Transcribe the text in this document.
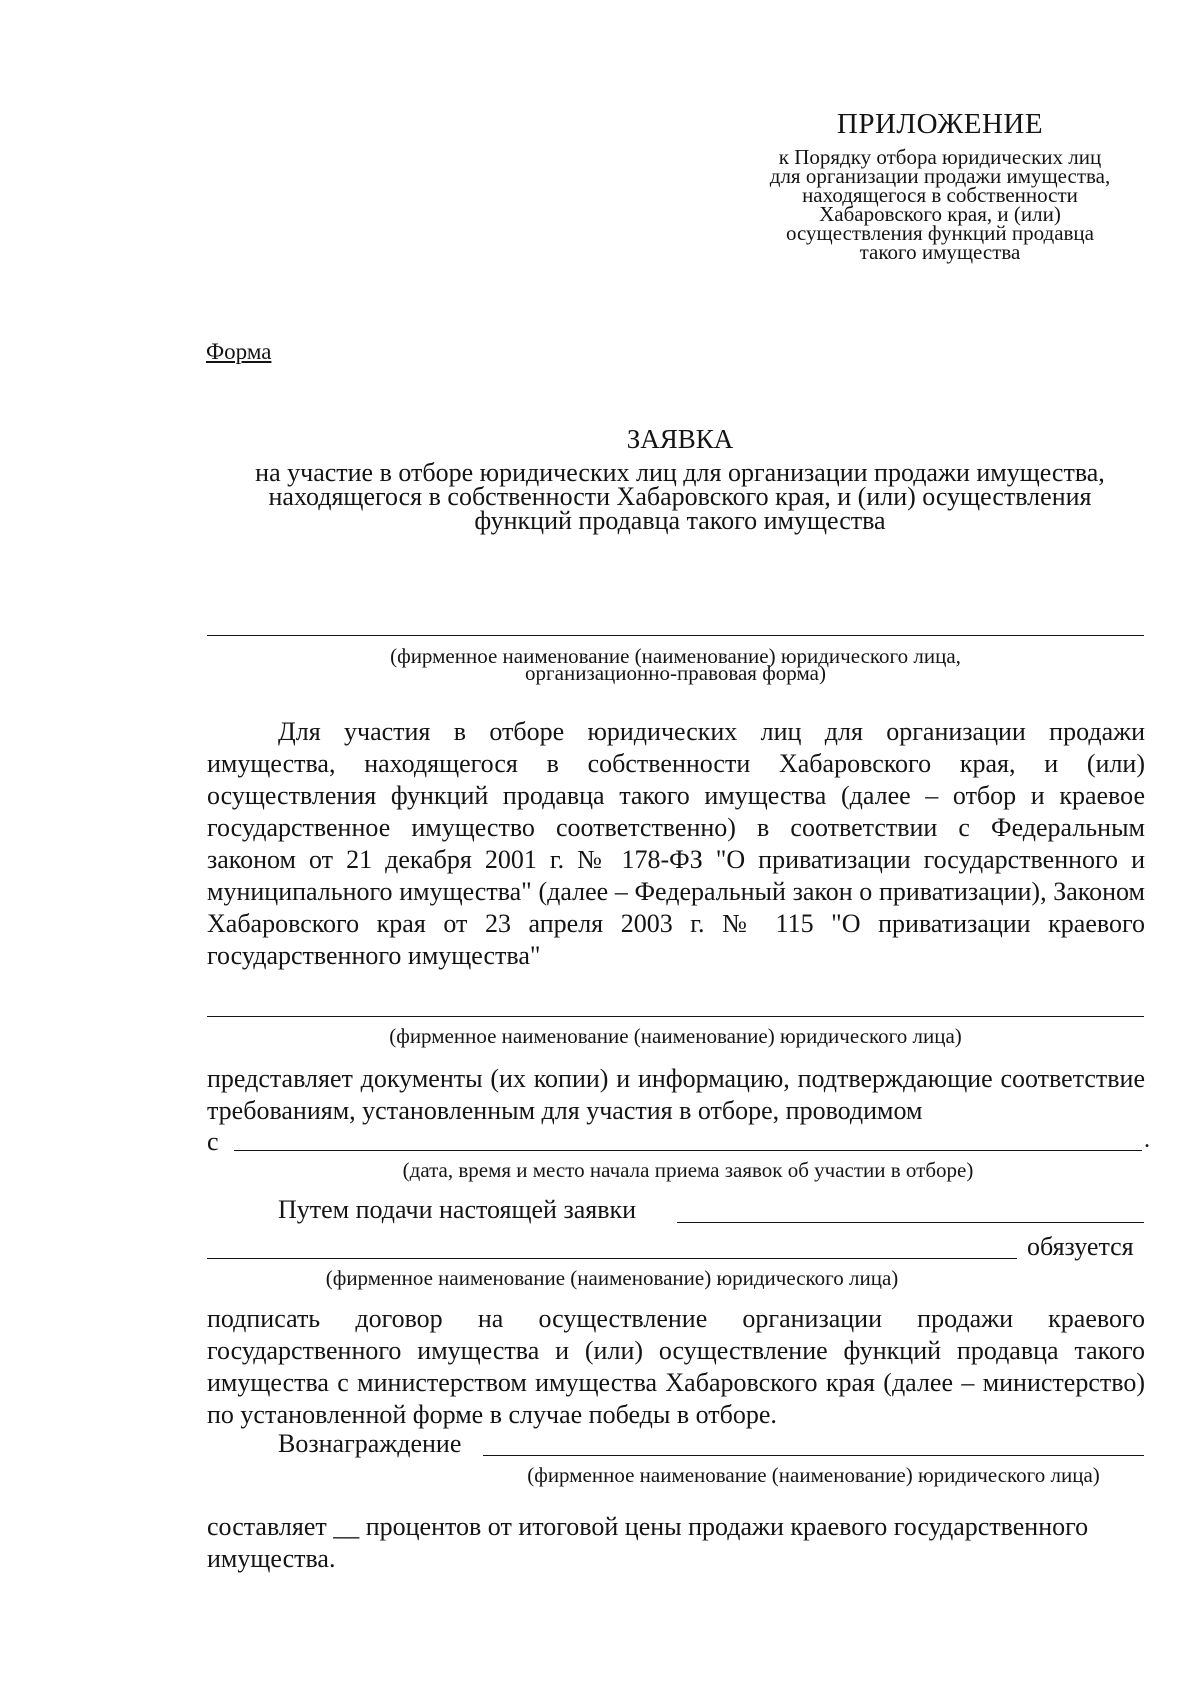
ПРИЛОЖЕНИЕ
к Порядку отбора юридических лиц
для организации продажи имущества,
находящегося в собственности
Хабаровского края, и (или)
осуществления функций продавца
такого имущества
Форма
ЗАЯВКА
на участие в отборе юридических лиц для организации продажи имущества,
находящегося в собственности Хабаровского края, и (или) осуществления
функций продавца такого имущества
(фирменное наименование (наименование) юридического лица,
организационно-правовая форма)
Для участия в отборе юридических лиц для организации продажи имущества, находящегося в собственности Хабаровского края, и (или) осуществления функций продавца такого имущества (далее – отбор и краевое государственное имущество соответственно) в соответствии с Федеральным законом от 21 декабря 2001 г. № 178-ФЗ "О приватизации государственного и муниципального имущества" (далее – Федеральный закон о приватизации), Законом Хабаровского края от 23 апреля 2003 г. № 115 "О приватизации краевого государственного имущества"
(фирменное наименование (наименование) юридического лица)
представляет документы (их копии) и информацию, подтверждающие соответствие требованиям, установленным для участия в отборе, проводимом
с	.
(дата, время и место начала приема заявок об участии в отборе)
Путем подачи настоящей заявки
обязуется
(фирменное наименование (наименование) юридического лица)
подписать договор на осуществление организации продажи краевого государственного имущества и (или) осуществление функций продавца такого имущества с министерством имущества Хабаровского края (далее – министерство) по установленной форме в случае победы в отборе.
Вознаграждение
(фирменное наименование (наименование) юридического лица)
составляет __ процентов от итоговой цены продажи краевого государственного
имущества.
